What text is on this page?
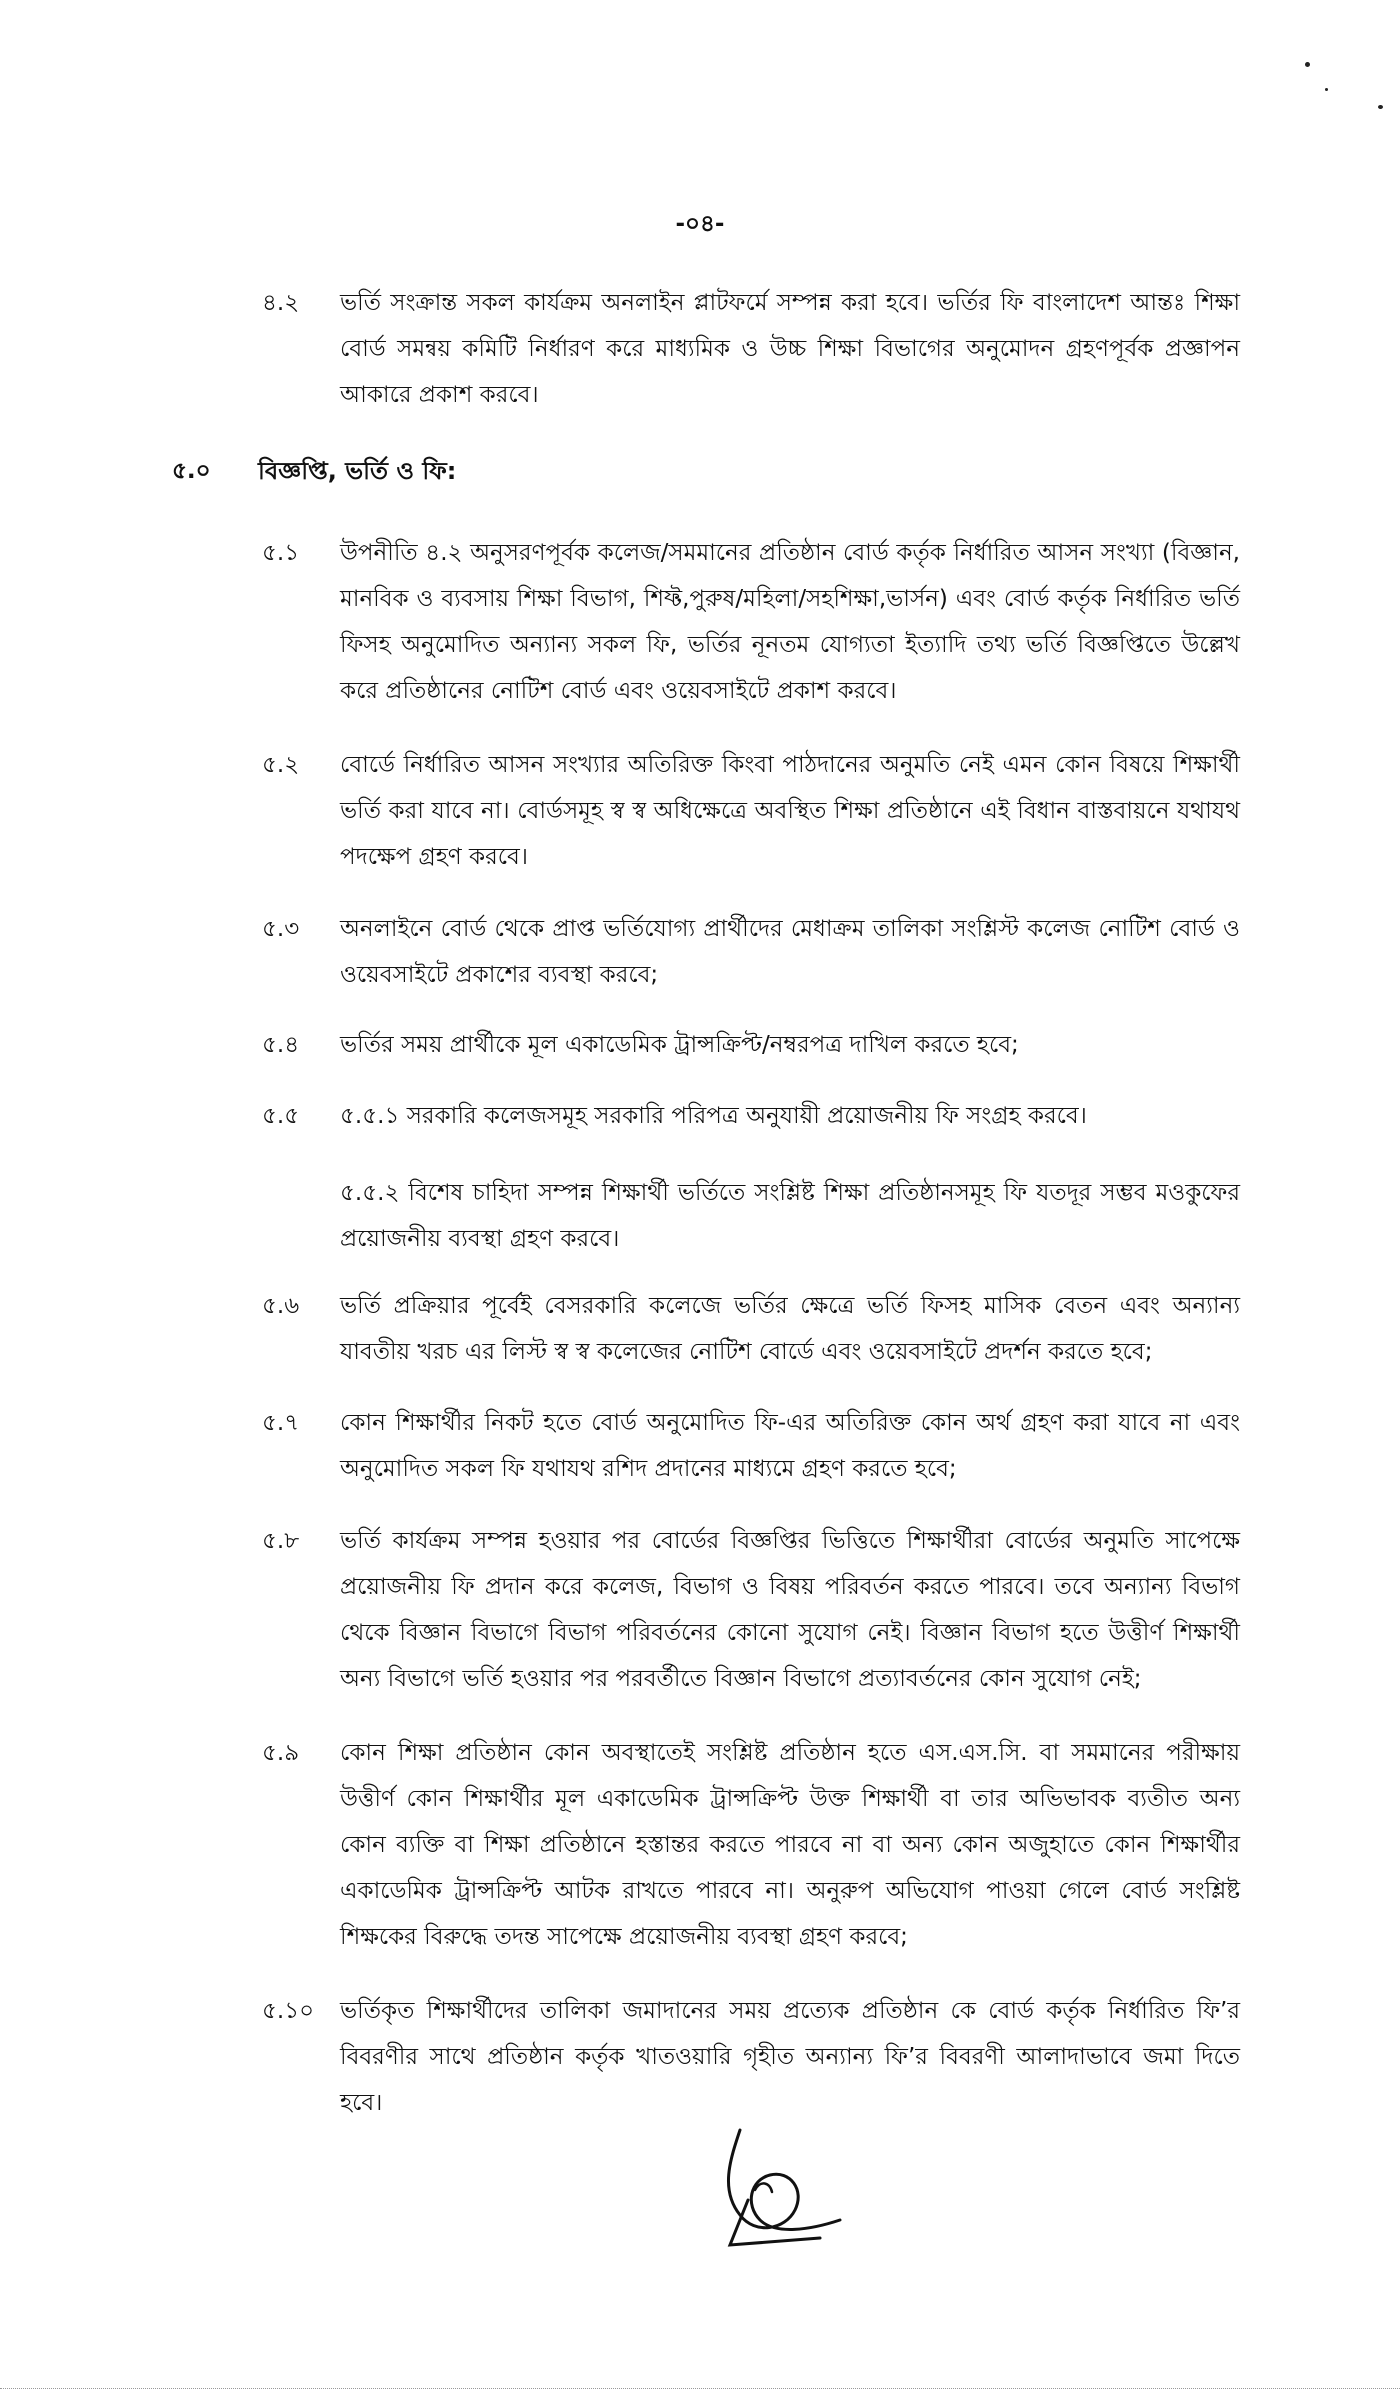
-০৪-
৪.২ ভর্তি সংক্রান্ত সকল কার্যক্রম অনলাইন প্লাটফর্মে সম্পন্ন করা হবে। ভর্তির ফি বাংলাদেশ আন্তঃ শিক্ষা বোর্ড সমন্বয় কমিটি নির্ধারণ করে মাধ্যমিক ও উচ্চ শিক্ষা বিভাগের অনুমোদন গ্রহণপূর্বক প্রজ্ঞাপন আকারে প্রকাশ করবে।
৫.০ বিজ্ঞপ্তি, ভর্তি ও ফি:
৫.১ উপনীতি ৪.২ অনুসরণপূর্বক কলেজ/সমমানের প্রতিষ্ঠান বোর্ড কর্তৃক নির্ধারিত আসন সংখ্যা (বিজ্ঞান, মানবিক ও ব্যবসায় শিক্ষা বিভাগ, শিফ্ট,পুরুষ/মহিলা/সহশিক্ষা,ভার্সন) এবং বোর্ড কর্তৃক নির্ধারিত ভর্তি ফিসহ অনুমোদিত অন্যান্য সকল ফি, ভর্তির নূনতম যোগ্যতা ইত্যাদি তথ্য ভর্তি বিজ্ঞপ্তিতে উল্লেখ করে প্রতিষ্ঠানের নোটিশ বোর্ড এবং ওয়েবসাইটে প্রকাশ করবে।
৫.২ বোর্ডে নির্ধারিত আসন সংখ্যার অতিরিক্ত কিংবা পাঠদানের অনুমতি নেই এমন কোন বিষয়ে শিক্ষার্থী ভর্তি করা যাবে না। বোর্ডসমূহ স্ব স্ব অধিক্ষেত্রে অবস্থিত শিক্ষা প্রতিষ্ঠানে এই বিধান বাস্তবায়নে যথাযথ পদক্ষেপ গ্রহণ করবে।
৫.৩ অনলাইনে বোর্ড থেকে প্রাপ্ত ভর্তিযোগ্য প্রার্থীদের মেধাক্রম তালিকা সংশ্লিস্ট কলেজ নোটিশ বোর্ড ও ওয়েবসাইটে প্রকাশের ব্যবস্থা করবে;
৫.৪ ভর্তির সময় প্রার্থীকে মূল একাডেমিক ট্রান্সক্রিপ্ট/নম্বরপত্র দাখিল করতে হবে;
৫.৫ ৫.৫.১ সরকারি কলেজসমূহ সরকারি পরিপত্র অনুযায়ী প্রয়োজনীয় ফি সংগ্রহ করবে।
৫.৫.২ বিশেষ চাহিদা সম্পন্ন শিক্ষার্থী ভর্তিতে সংশ্লিষ্ট শিক্ষা প্রতিষ্ঠানসমূহ ফি যতদূর সম্ভব মওকুফের প্রয়োজনীয় ব্যবস্থা গ্রহণ করবে।
৫.৬ ভর্তি প্রক্রিয়ার পূর্বেই বেসরকারি কলেজে ভর্তির ক্ষেত্রে ভর্তি ফিসহ মাসিক বেতন এবং অন্যান্য যাবতীয় খরচ এর লিস্ট স্ব স্ব কলেজের নোটিশ বোর্ডে এবং ওয়েবসাইটে প্রদর্শন করতে হবে;
৫.৭ কোন শিক্ষার্থীর নিকট হতে বোর্ড অনুমোদিত ফি-এর অতিরিক্ত কোন অর্থ গ্রহণ করা যাবে না এবং অনুমোদিত সকল ফি যথাযথ রশিদ প্রদানের মাধ্যমে গ্রহণ করতে হবে;
৫.৮ ভর্তি কার্যক্রম সম্পন্ন হওয়ার পর বোর্ডের বিজ্ঞপ্তির ভিত্তিতে শিক্ষার্থীরা বোর্ডের অনুমতি সাপেক্ষে প্রয়োজনীয় ফি প্রদান করে কলেজ, বিভাগ ও বিষয় পরিবর্তন করতে পারবে। তবে অন্যান্য বিভাগ থেকে বিজ্ঞান বিভাগে বিভাগ পরিবর্তনের কোনো সুযোগ নেই। বিজ্ঞান বিভাগ হতে উত্তীর্ণ শিক্ষার্থী অন্য বিভাগে ভর্তি হওয়ার পর পরবর্তীতে বিজ্ঞান বিভাগে প্রত্যাবর্তনের কোন সুযোগ নেই;
৫.৯ কোন শিক্ষা প্রতিষ্ঠান কোন অবস্থাতেই সংশ্লিষ্ট প্রতিষ্ঠান হতে এস.এস.সি. বা সমমানের পরীক্ষায় উত্তীর্ণ কোন শিক্ষার্থীর মূল একাডেমিক ট্রান্সক্রিপ্ট উক্ত শিক্ষার্থী বা তার অভিভাবক ব্যতীত অন্য কোন ব্যক্তি বা শিক্ষা প্রতিষ্ঠানে হস্তান্তর করতে পারবে না বা অন্য কোন অজুহাতে কোন শিক্ষার্থীর একাডেমিক ট্রান্সক্রিপ্ট আটক রাখতে পারবে না। অনুরুপ অভিযোগ পাওয়া গেলে বোর্ড সংশ্লিষ্ট শিক্ষকের বিরুদ্ধে তদন্ত সাপেক্ষে প্রয়োজনীয় ব্যবস্থা গ্রহণ করবে;
৫.১০ ভর্তিকৃত শিক্ষার্থীদের তালিকা জমাদানের সময় প্রত্যেক প্রতিষ্ঠান কে বোর্ড কর্তৃক নির্ধারিত ফি’র বিবরণীর সাথে প্রতিষ্ঠান কর্তৃক খাতওয়ারি গৃহীত অন্যান্য ফি’র বিবরণী আলাদাভাবে জমা দিতে হবে।
